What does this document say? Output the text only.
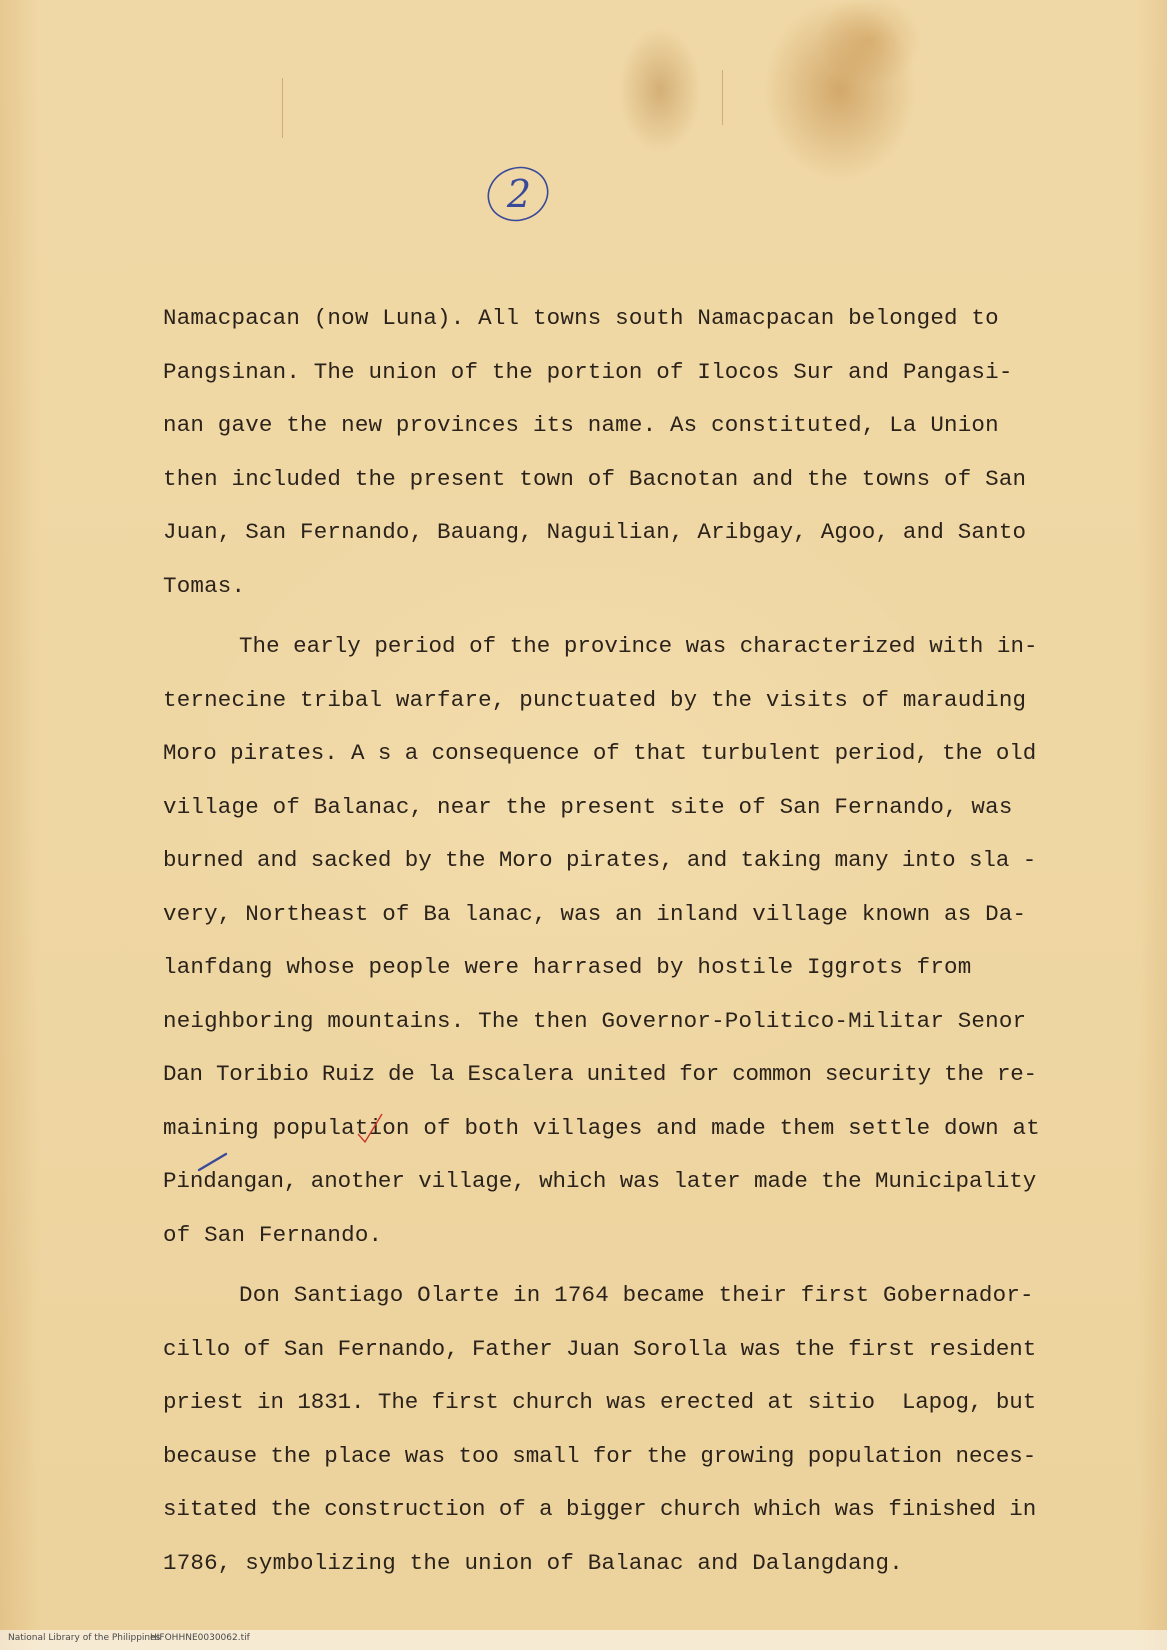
2
Namacpacan (now Luna). All towns south Namacpacan belonged to
Pangsinan. The union of the portion of Ilocos Sur and Pangasi-
nan gave the new provinces its name. As constituted, La Union
then included the present town of Bacnotan and the towns of San
Juan, San Fernando, Bauang, Naguilian, Aribgay, Agoo, and Santo
Tomas.
The early period of the province was characterized with in-
ternecine tribal warfare, punctuated by the visits of marauding
Moro pirates. A s a consequence of that turbulent period, the old
village of Balanac, near the present site of San Fernando, was
burned and sacked by the Moro pirates, and taking many into sla -
very, Northeast of Ba lanac, was an inland village known as Da-
lanfdang whose people were harrased by hostile Iggrots from
neighboring mountains. The then Governor-Politico-Militar Senor
Dan Toribio Ruiz de la Escalera united for common security the re-
maining population of both villages and made them settle down at
Pindangan, another village, which was later made the Municipality
of San Fernando.
Don Santiago Olarte in 1764 became their first Gobernador-
cillo of San Fernando, Father Juan Sorolla was the first resident
priest in 1831. The first church was erected at sitio  Lapog, but
because the place was too small for the growing population neces-
sitated the construction of a bigger church which was finished in
1786, symbolizing the union of Balanac and Dalangdang.
National Library of the Philippines
HIFOHHNE0030062.tif
